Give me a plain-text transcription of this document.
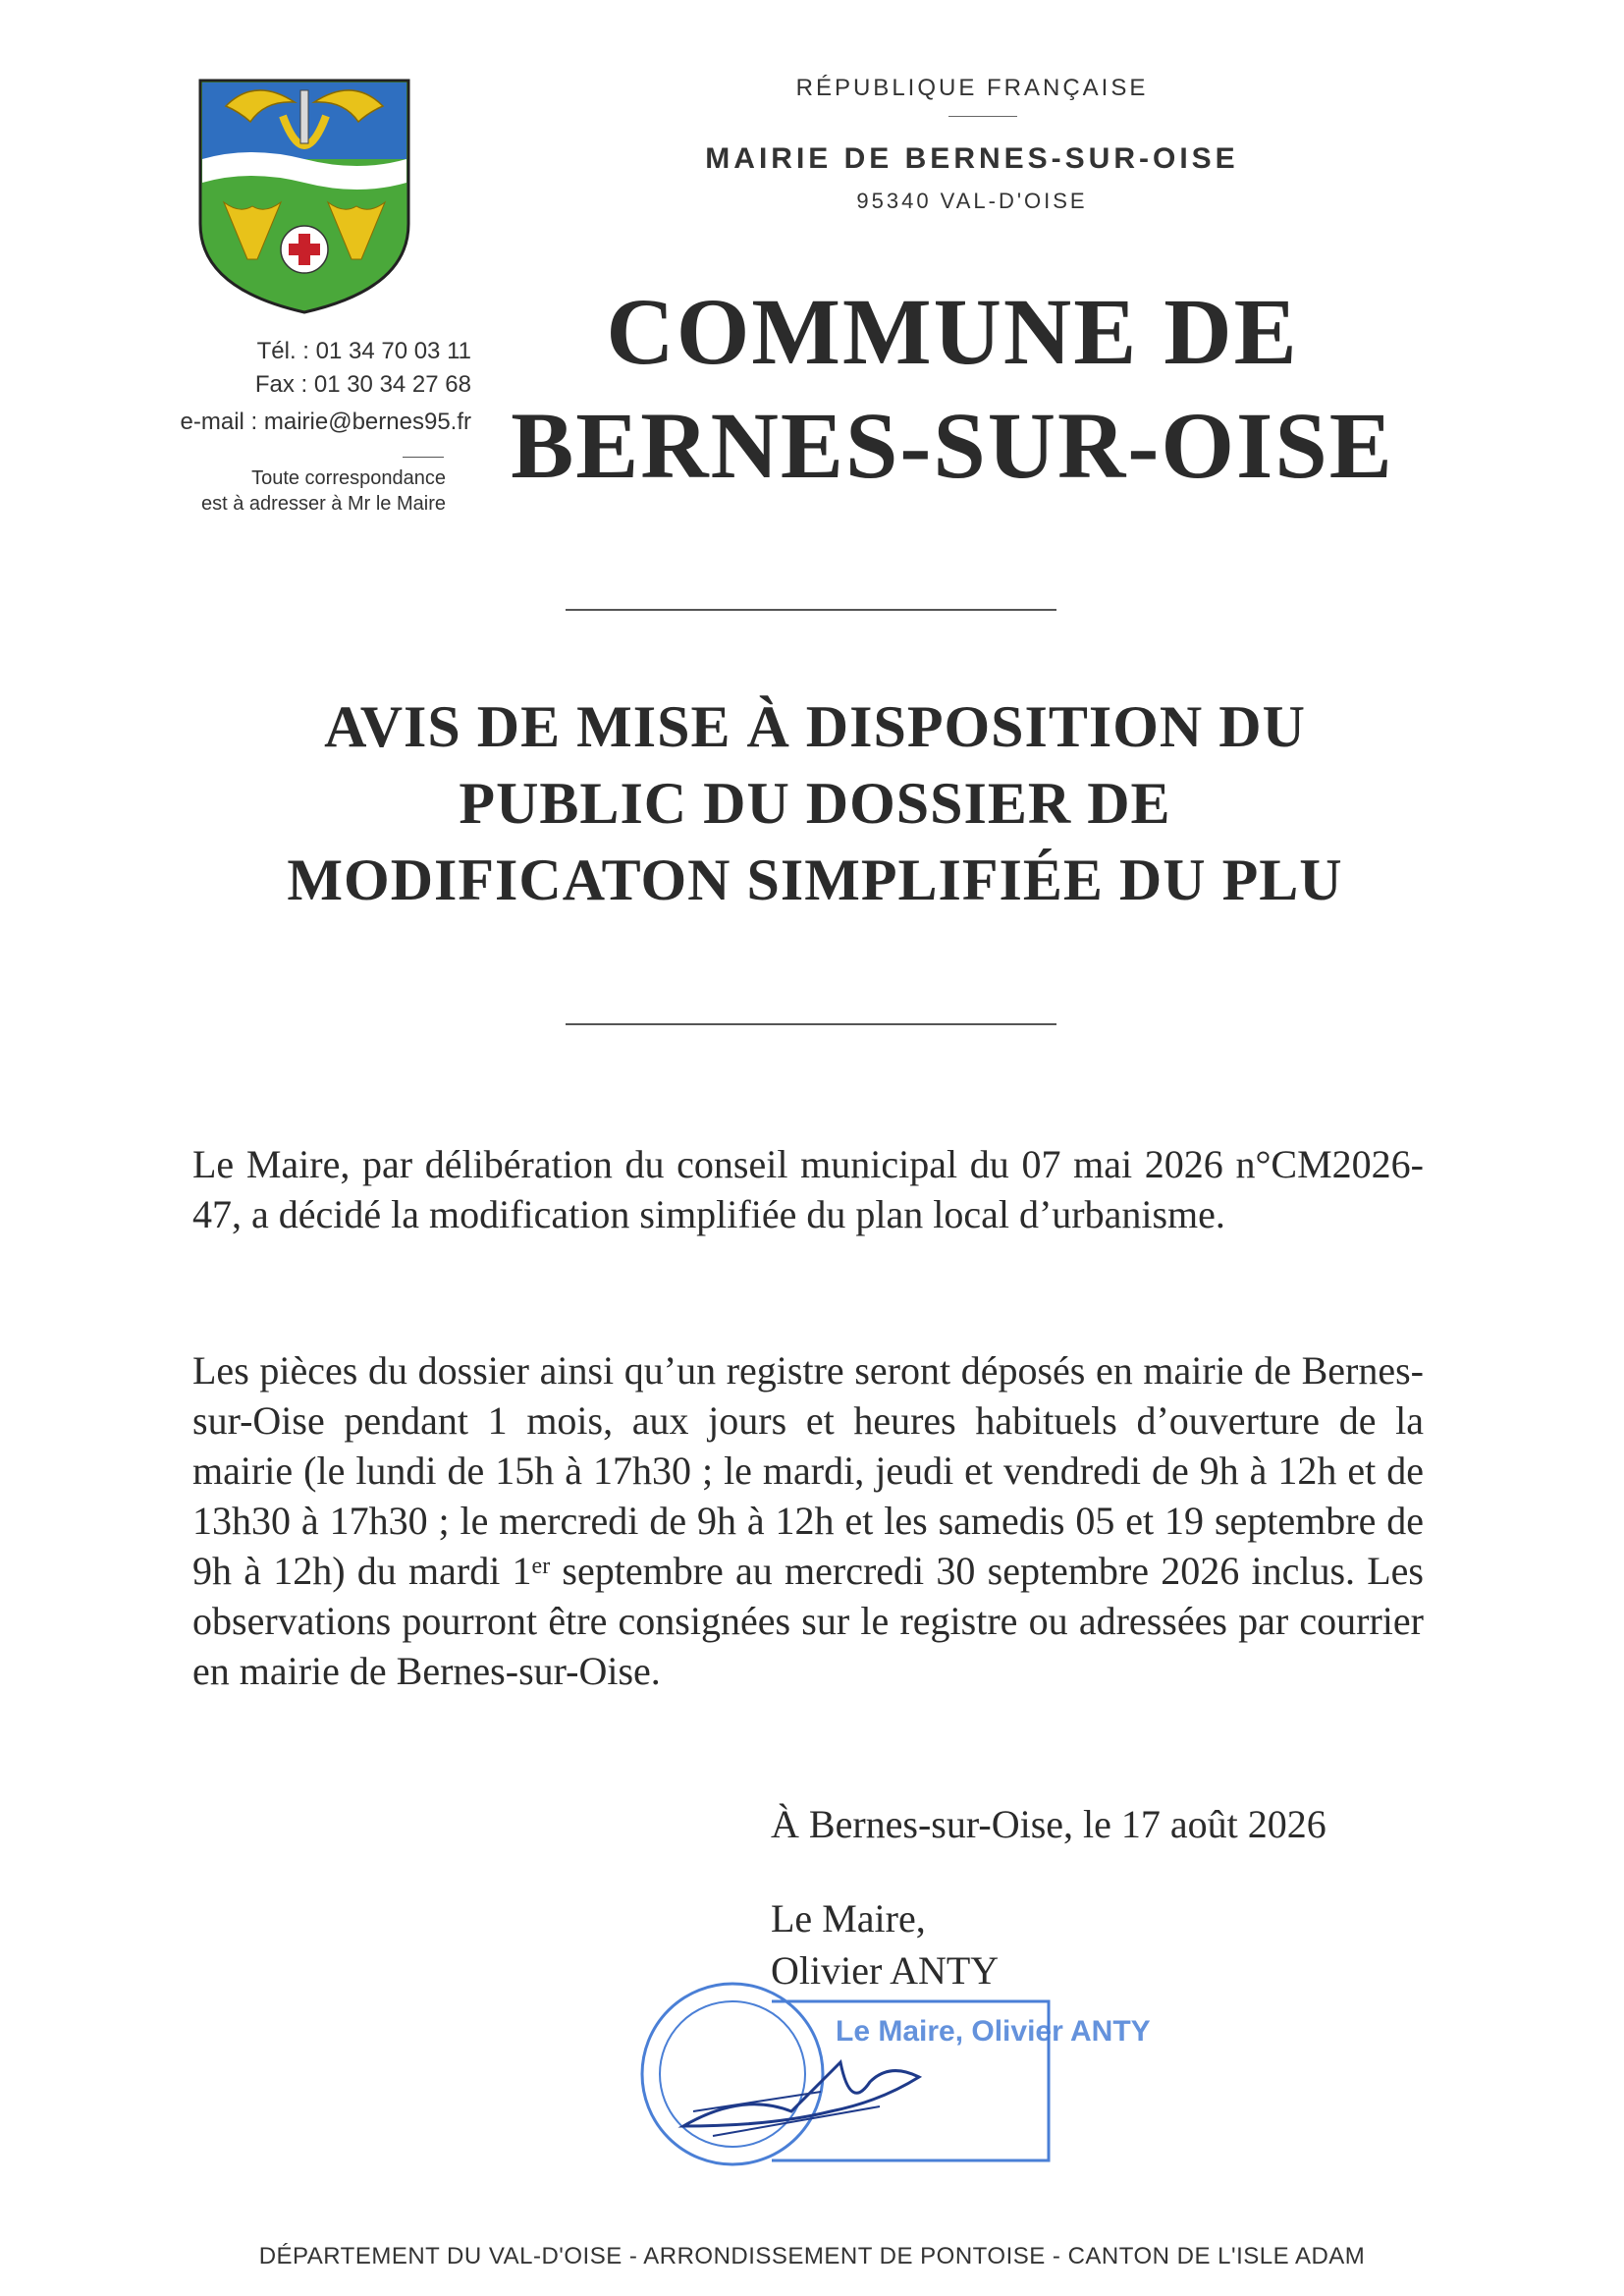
Tél. : 01 34 70 03 11
Fax : 01 30 34 27 68
e-mail : mairie@bernes95.fr
Toute correspondance
est à adresser à Mr le Maire
RÉPUBLIQUE FRANÇAISE
MAIRIE DE BERNES-SUR-OISE
95340 VAL-D'OISE
COMMUNE DE
BERNES-SUR-OISE
AVIS DE MISE À DISPOSITION DU
PUBLIC DU DOSSIER DE
MODIFICATON SIMPLIFIÉE DU PLU

Le Maire, par délibération du conseil municipal du 07 mai 2026 n°CM2026-47, a décidé la modification simplifiée du plan local d’urbanisme.

Les pièces du dossier ainsi qu’un registre seront déposés en mairie de Bernes-sur-Oise pendant 1 mois, aux jours et heures habituels d’ouverture de la mairie (le lundi de 15h à 17h30 ; le mardi, jeudi et vendredi de 9h à 12h et de 13h30 à 17h30 ; le mercredi de 9h à 12h et les samedis 05 et 19 septembre de 9h à 12h) du mardi 1er septembre au mercredi 30 septembre 2026 inclus. Les observations pourront être consignées sur le registre ou adressées par courrier en mairie de Bernes-sur-Oise.

À Bernes-sur-Oise, le 17 août 2026
Le Maire, Olivier ANTY
Le Maire,
Olivier ANTY
DÉPARTEMENT DU VAL-D'OISE - ARRONDISSEMENT DE PONTOISE - CANTON DE L'ISLE ADAM
